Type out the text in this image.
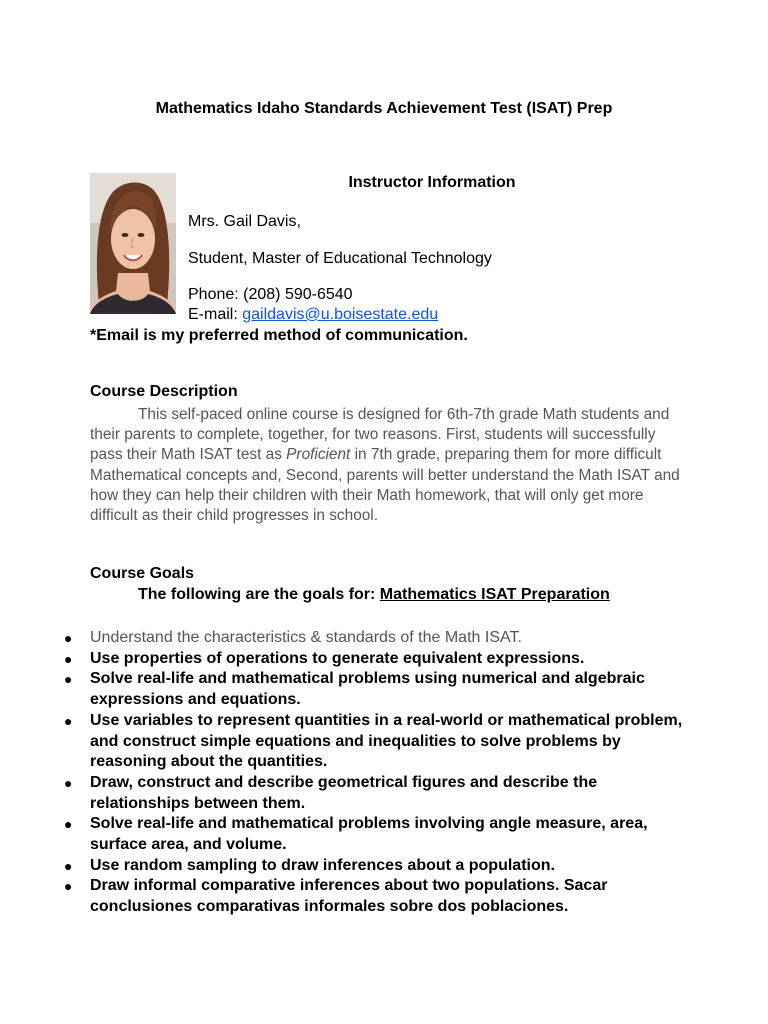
Mathematics Idaho Standards Achievement Test (ISAT) Prep
Instructor Information
Mrs. Gail Davis,
Student, Master of Educational Technology
Phone: (208) 590-6540
E-mail: gaildavis@u.boisestate.edu
*Email is my preferred method of communication.
Course Description
This self-paced online course is designed for 6th-7th grade Math students and their parents to complete, together, for two reasons. First, students will successfully pass their Math ISAT test as Proficient in 7th grade, preparing them for more difficult Mathematical concepts and, Second, parents will better understand the Math ISAT and how they can help their children with their Math homework, that will only get more difficult as their child progresses in school.
Course Goals
The following are the goals for: Mathematics ISAT Preparation
●	Understand the characteristics & standards of the Math ISAT.
●	Use properties of operations to generate equivalent expressions.
●	Solve real-life and mathematical problems using numerical and algebraic expressions and equations.
●	Use variables to represent quantities in a real-world or mathematical problem, and construct simple equations and inequalities to solve problems by reasoning about the quantities.
●	Draw, construct and describe geometrical figures and describe the relationships between them.
●	Solve real-life and mathematical problems involving angle measure, area, surface area, and volume.
●	Use random sampling to draw inferences about a population.
●	Draw informal comparative inferences about two populations. Sacar conclusiones comparativas informales sobre dos poblaciones.
